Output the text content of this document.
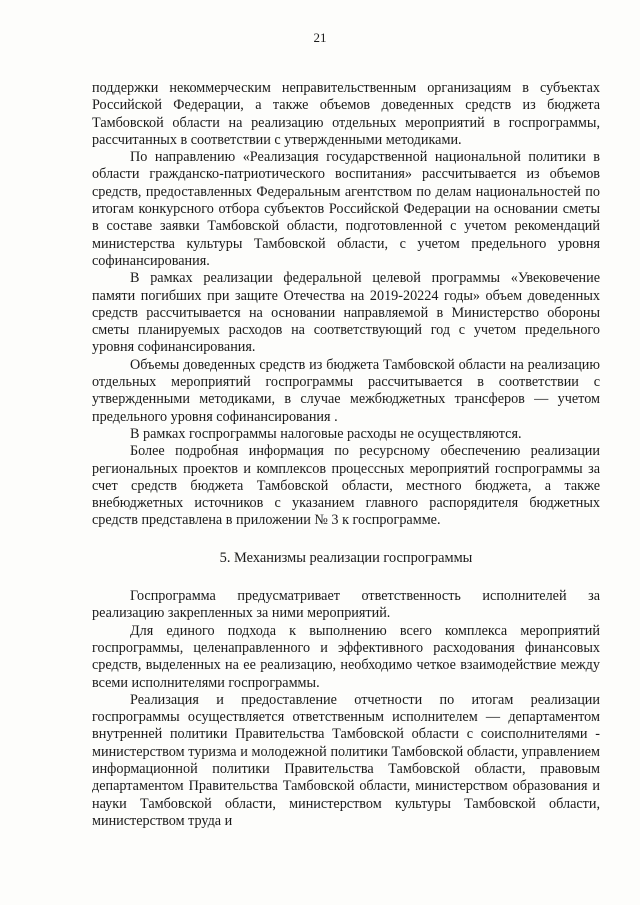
21

поддержки некоммерческим неправительственным организациям в субъектах Российской Федерации, а также объемов доведенных средств из бюджета Тамбовской области на реализацию отдельных мероприятий в госпрограммы, рассчитанных в соответствии с утвержденными методиками.

По направлению «Реализация государственной национальной политики в области гражданско-патриотического воспитания» рассчитывается из объемов средств, предоставленных Федеральным агентством по делам национальностей по итогам конкурсного отбора субъектов Российской Федерации на основании сметы в составе заявки Тамбовской области, подготовленной с учетом рекомендаций министерства культуры Тамбовской области, с учетом предельного уровня софинансирования.

В рамках реализации федеральной целевой программы «Увековечение памяти погибших при защите Отечества на 2019-20224 годы» объем доведенных средств рассчитывается на основании направляемой в Министерство обороны сметы планируемых расходов на соответствующий год с учетом предельного уровня софинансирования.

Объемы доведенных средств из бюджета Тамбовской области на реализацию отдельных мероприятий госпрограммы рассчитывается в соответствии с утвержденными методиками, в случае межбюджетных трансферов — учетом предельного уровня софинансирования .

В рамках госпрограммы налоговые расходы не осуществляются.

Более подробная информация по ресурсному обеспечению реализации региональных проектов и комплексов процессных мероприятий госпрограммы за счет средств бюджета Тамбовской области, местного бюджета, а также внебюджетных источников с указанием главного распорядителя бюджетных средств представлена в приложении № 3 к госпрограмме.

5. Механизмы реализации госпрограммы

Госпрограмма предусматривает ответственность исполнителей за реализацию закрепленных за ними мероприятий.

Для единого подхода к выполнению всего комплекса мероприятий госпрограммы, целенаправленного и эффективного расходования финансовых средств, выделенных на ее реализацию, необходимо четкое взаимодействие между всеми исполнителями госпрограммы.

Реализация и предоставление отчетности по итогам реализации госпрограммы осуществляется ответственным исполнителем — департаментом внутренней политики Правительства Тамбовской области с соисполнителями - министерством туризма и молодежной политики Тамбовской области, управлением информационной политики Правительства Тамбовской области, правовым департаментом Правительства Тамбовской области, министерством образования и науки Тамбовской области, министерством культуры Тамбовской области, министерством труда и
